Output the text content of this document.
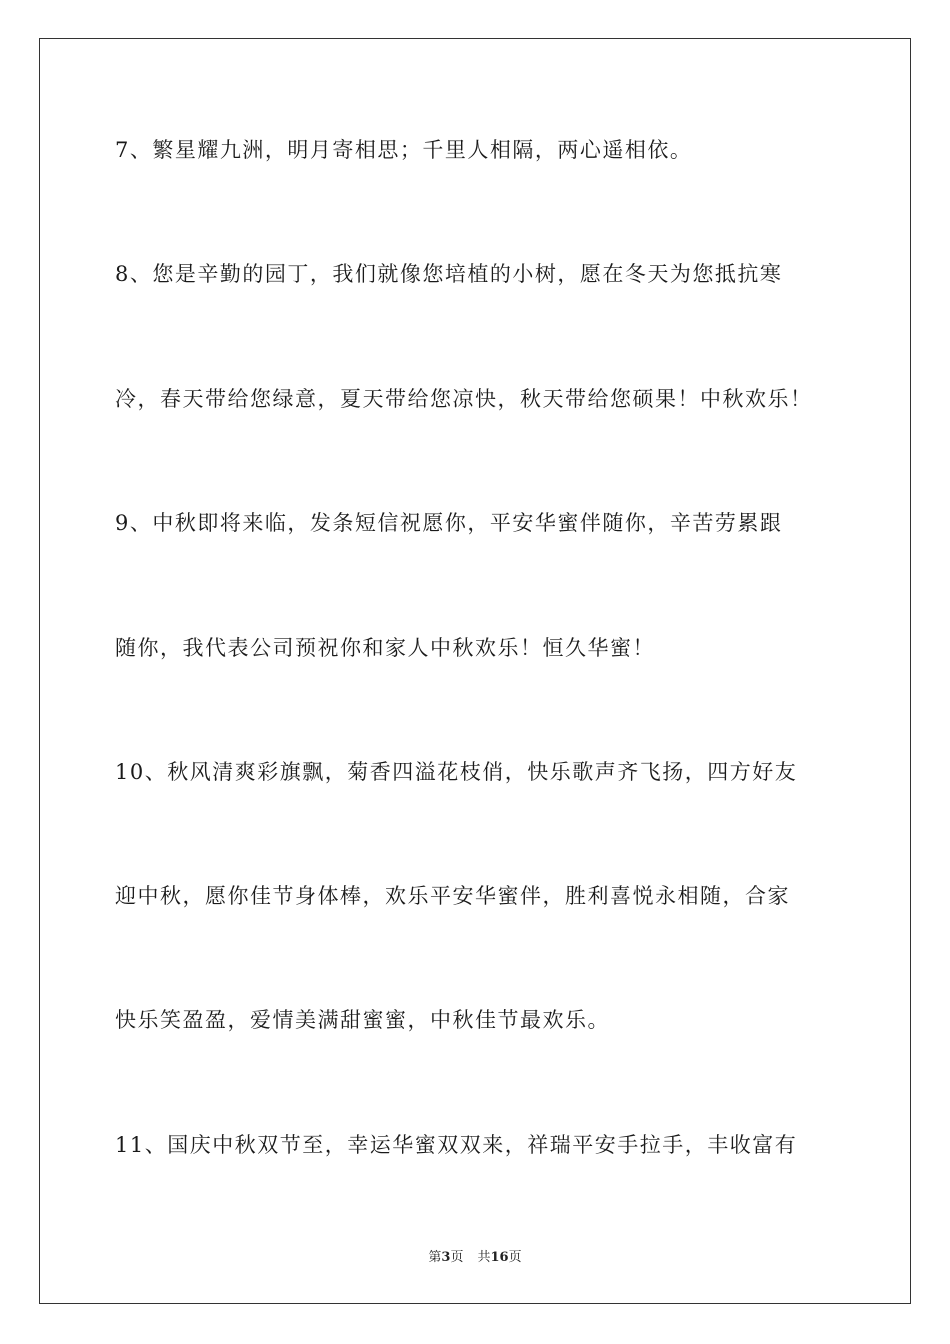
7、繁星耀九洲，明月寄相思；千里人相隔，两心遥相依。
8、您是辛勤的园丁，我们就像您培植的小树，愿在冬天为您抵抗寒
冷，春天带给您绿意，夏天带给您凉快，秋天带给您硕果！中秋欢乐！
9、中秋即将来临，发条短信祝愿你，平安华蜜伴随你，辛苦劳累跟
随你，我代表公司预祝你和家人中秋欢乐！恒久华蜜！
10、秋风清爽彩旗飘，菊香四溢花枝俏，快乐歌声齐飞扬，四方好友
迎中秋，愿你佳节身体棒，欢乐平安华蜜伴，胜利喜悦永相随，合家
快乐笑盈盈，爱情美满甜蜜蜜，中秋佳节最欢乐。
11、国庆中秋双节至，幸运华蜜双双来，祥瑞平安手拉手，丰收富有
第3页 共16页
